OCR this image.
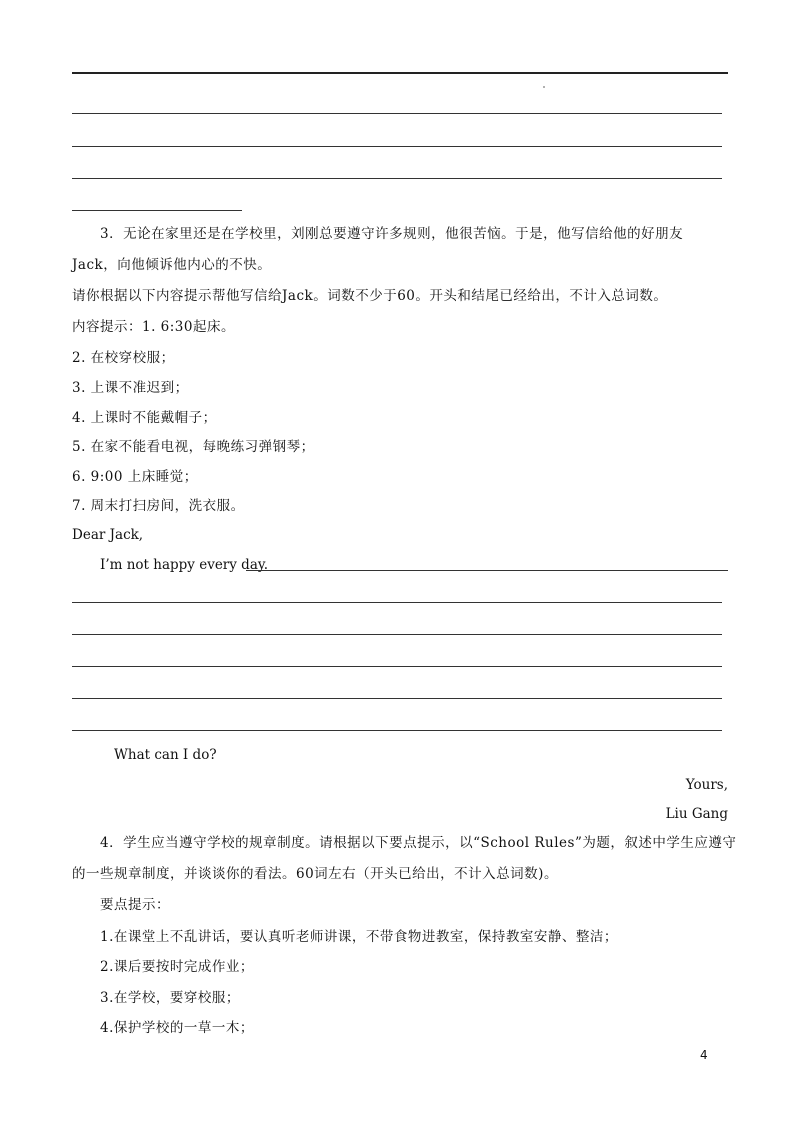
3．无论在家里还是在学校里，刘刚总要遵守许多规则，他很苦恼。于是，他写信给他的好朋友
Jack，向他倾诉他内心的不快。
请你根据以下内容提示帮他写信给Jack。词数不少于60。开头和结尾已经给出，不计入总词数。
内容提示：1. 6:30起床。
2. 在校穿校服；
3. 上课不准迟到；
4. 上课时不能戴帽子；
5. 在家不能看电视，每晚练习弹钢琴；
6. 9:00 上床睡觉；
7. 周末打扫房间，洗衣服。
Dear Jack,
I’m not happy every day.
What can I do?
Yours,
Liu Gang
4．学生应当遵守学校的规章制度。请根据以下要点提示，以“School Rules”为题，叙述中学生应遵守
的一些规章制度，并谈谈你的看法。60词左右（开头已给出，不计入总词数)。
要点提示：
1.在课堂上不乱讲话，要认真听老师讲课，不带食物进教室，保持教室安静、整洁；
2.课后要按时完成作业；
3.在学校，要穿校服；
4.保护学校的一草一木；
4
